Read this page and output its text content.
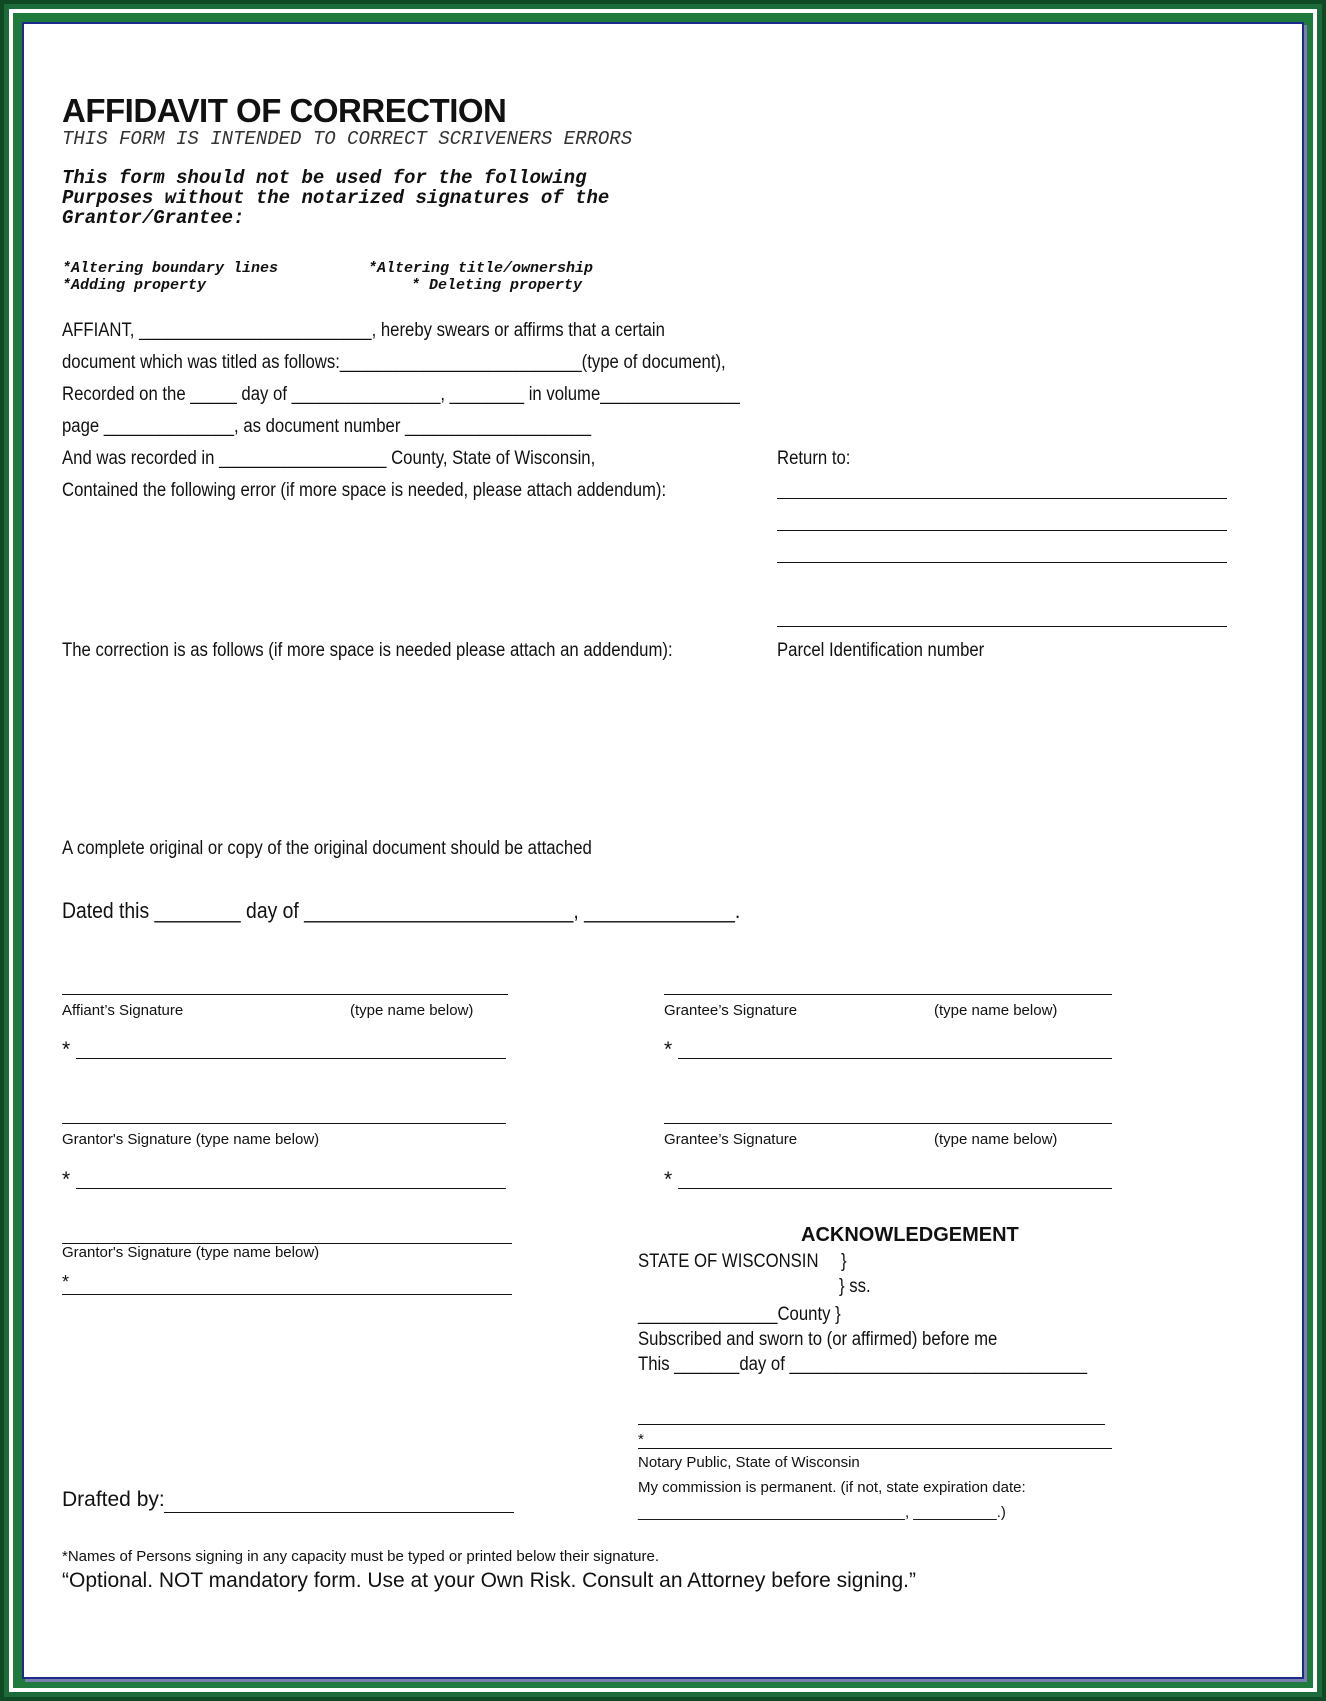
AFFIDAVIT OF CORRECTION
THIS FORM IS INTENDED TO CORRECT SCRIVENERS ERRORS
This form should not be used for the following
Purposes without the notarized signatures of the
Grantor/Grantee:
*Altering boundary lines	*Altering title/ownership
*Adding property	* Deleting property
AFFIANT, _________________________, hereby swears or affirms that a certain
document which was titled as follows:__________________________(type of document),
Recorded on the _____ day of ________________, ________ in volume_______________
page ______________, as document number ____________________
And was recorded in __________________ County, State of Wisconsin,
Contained the following error (if more space is needed, please attach addendum):
Return to:
The correction is as follows (if more space is needed please attach an addendum):	Parcel Identification number
A complete original or copy of the original document should be attached
Dated this ________ day of _________________________, ______________.
Affiant’s Signature	(type name below)
*
Grantor's Signature (type name below)
*
Grantor's Signature (type name below)
*
Grantee’s Signature	(type name below)
*
Grantee’s Signature	(type name below)
*
ACKNOWLEDGEMENT
STATE OF WISCONSIN }
} ss.
_______________County }
Subscribed and sworn to (or affirmed) before me
This _______day of ________________________________
*
Notary Public, State of Wisconsin
My commission is permanent. (if not, state expiration date:
________________________________, __________.)
Drafted by:
*Names of Persons signing in any capacity must be typed or printed below their signature.
“Optional. NOT mandatory form. Use at your Own Risk. Consult an Attorney before signing.”
